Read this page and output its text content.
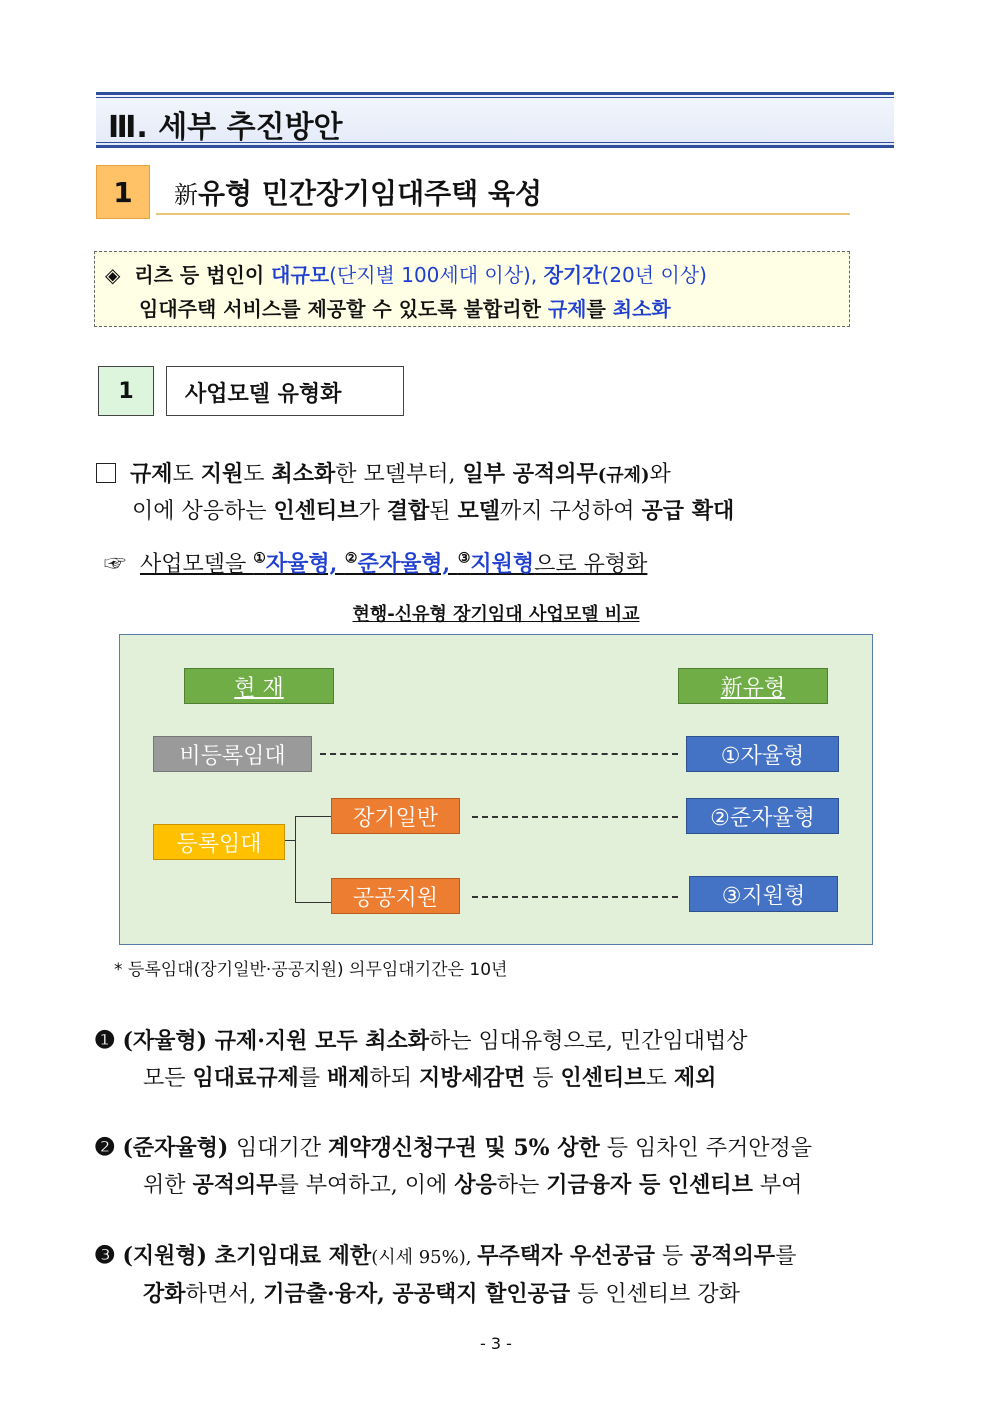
Ⅲ. 세부 추진방안
1	新유형 민간장기임대주택 육성
◈ 리츠 등 법인이 대규모(단지별 100세대 이상), 장기간(20년 이상)
임대주택 서비스를 제공할 수 있도록 불합리한 규제를 최소화
1	사업모델 유형화
규제도 지원도 최소화한 모델부터, 일부 공적의무(규제)와
이에 상응하는 인센티브가 결합된 모델까지 구성하여 공급 확대
☞ 사업모델을 ①자율형, ②준자율형, ③지원형으로 유형화
현행-신유형 장기임대 사업모델 비교
현 재	新유형
비등록임대	①자율형
등록임대
장기일반	②준자율형
공공지원	③지원형
* 등록임대(장기일반·공공지원) 의무임대기간은 10년
❶ (자율형) 규제·지원 모두 최소화하는 임대유형으로, 민간임대법상
모든 임대료규제를 배제하되 지방세감면 등 인센티브도 제외
❷ (준자율형) 임대기간 계약갱신청구권 및 5% 상한 등 임차인 주거안정을
위한 공적의무를 부여하고, 이에 상응하는 기금융자 등 인센티브 부여
❸ (지원형) 초기임대료 제한(시세 95%), 무주택자 우선공급 등 공적의무를
강화하면서, 기금출·융자, 공공택지 할인공급 등 인센티브 강화
- 3 -
